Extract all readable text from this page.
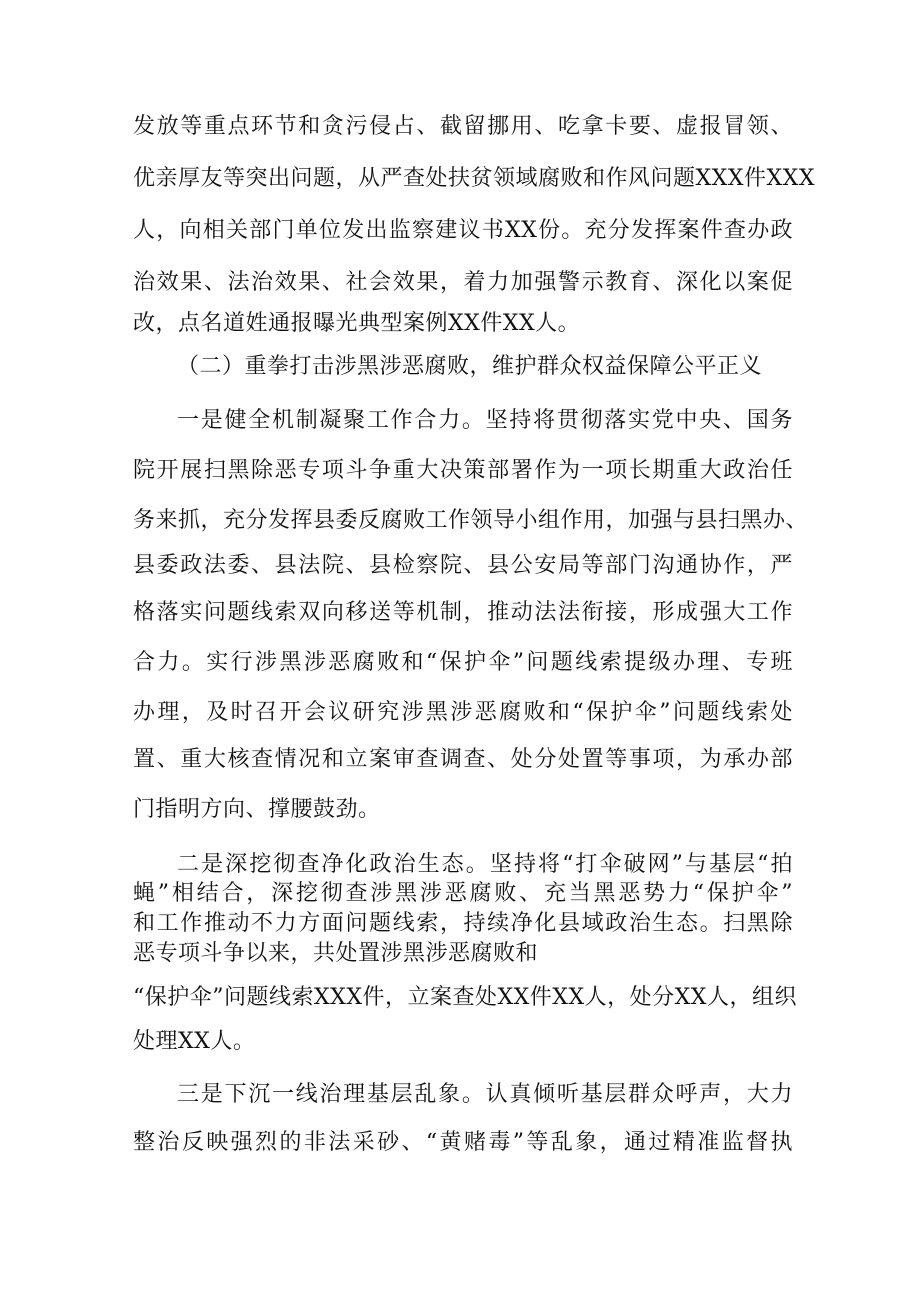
发放等重点环节和贪污侵占、截留挪用、吃拿卡要、虚报冒领、
优亲厚友等突出问题，从严查处扶贫领域腐败和作风问题XXX件XXX
人，向相关部门单位发出监察建议书XX份。充分发挥案件查办政
治效果、法治效果、社会效果，着力加强警示教育、深化以案促
改，点名道姓通报曝光典型案例XX件XX人。
（二）重拳打击涉黑涉恶腐败，维护群众权益保障公平正义
一是健全机制凝聚工作合力。坚持将贯彻落实党中央、国务
院开展扫黑除恶专项斗争重大决策部署作为一项长期重大政治任
务来抓，充分发挥县委反腐败工作领导小组作用，加强与县扫黑办、
县委政法委、县法院、县检察院、县公安局等部门沟通协作，严
格落实问题线索双向移送等机制，推动法法衔接，形成强大工作
合力。实行涉黑涉恶腐败和“保护伞”问题线索提级办理、专班
办理，及时召开会议研究涉黑涉恶腐败和“保护伞”问题线索处
置、重大核查情况和立案审查调查、处分处置等事项，为承办部
门指明方向、撑腰鼓劲。
二是深挖彻查净化政治生态。坚持将“打伞破网”与基层“拍
蝇”相结合，深挖彻查涉黑涉恶腐败、充当黑恶势力“保护伞”
和工作推动不力方面问题线索，持续净化县域政治生态。扫黑除
恶专项斗争以来，共处置涉黑涉恶腐败和
“保护伞”问题线索XXX件，立案查处XX件XX人，处分XX人，组织
处理XX人。
三是下沉一线治理基层乱象。认真倾听基层群众呼声，大力
整治反映强烈的非法采砂、“黄赌毒”等乱象，通过精准监督执
